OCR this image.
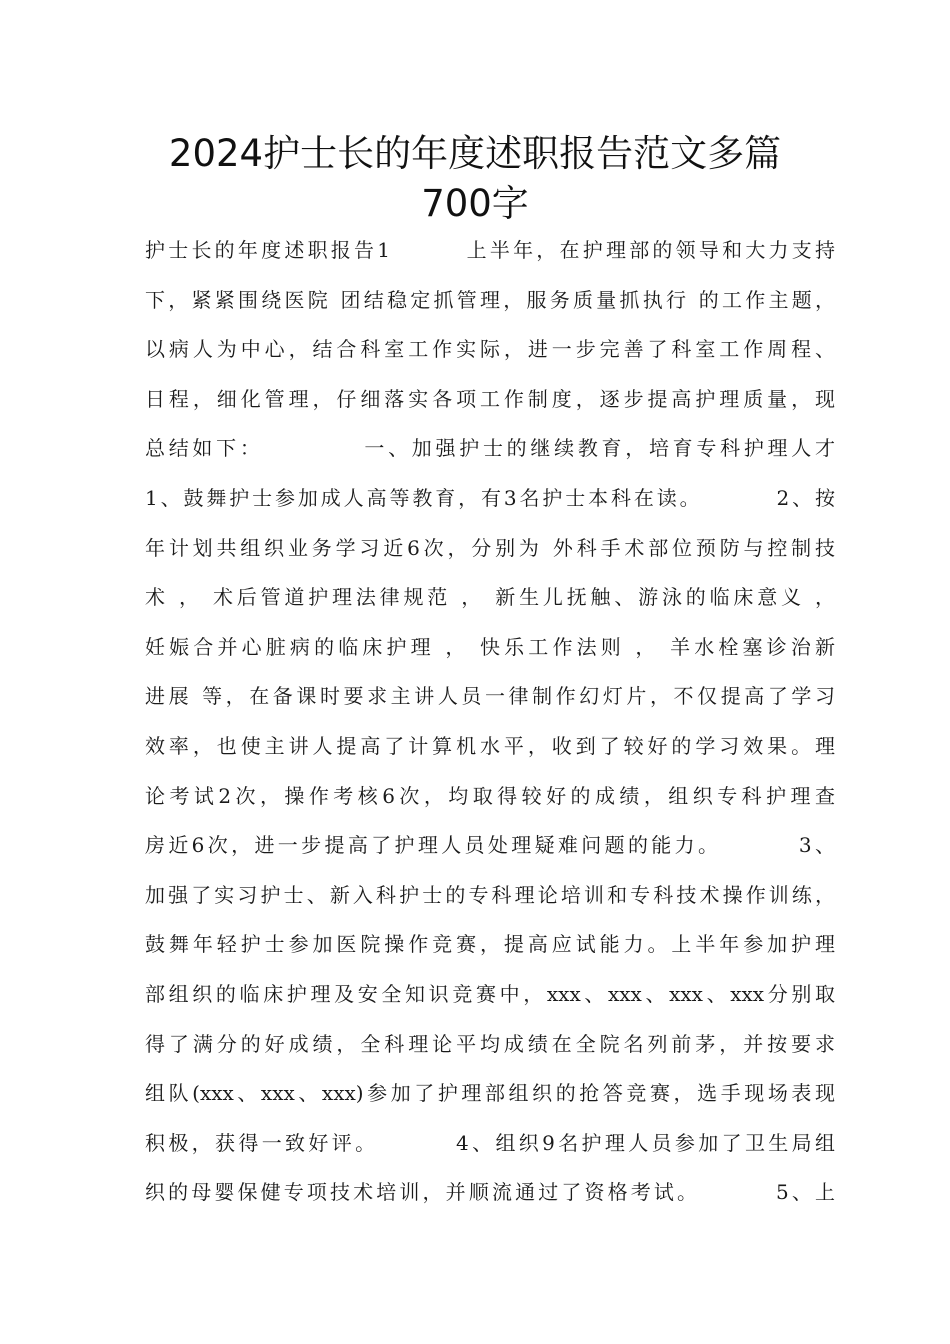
2024护士长的年度述职报告范文多篇
700字
护士长的年度述职报告1        上半年，在护理部的领导和大力支持
下，紧紧围绕医院 团结稳定抓管理，服务质量抓执行 的工作主题，
以病人为中心，结合科室工作实际，进一步完善了科室工作周程、
日程，细化管理，仔细落实各项工作制度，逐步提高护理质量，现
总结如下：          一、加强护士的继续教育，培育专科护理人才
1、鼓舞护士参加成人高等教育，有3名护士本科在读。        2、按
年计划共组织业务学习近6次，分别为 外科手术部位预防与控制技
术 ， 术后管道护理法律规范 ， 新生儿抚触、游泳的临床意义 ，
妊娠合并心脏病的临床护理 ， 快乐工作法则 ， 羊水栓塞诊治新
进展 等，在备课时要求主讲人员一律制作幻灯片，不仅提高了学习
效率，也使主讲人提高了计算机水平，收到了较好的学习效果。理
论考试2次，操作考核6次，均取得较好的成绩，组织专科护理查
房近6次，进一步提高了护理人员处理疑难问题的能力。        3、
加强了实习护士、新入科护士的专科理论培训和专科技术操作训练，
鼓舞年轻护士参加医院操作竞赛，提高应试能力。上半年参加护理
部组织的临床护理及安全知识竞赛中，xxx、xxx、xxx、xxx分别取
得了满分的好成绩，全科理论平均成绩在全院名列前茅，并按要求
组队(xxx、xxx、xxx)参加了护理部组织的抢答竞赛，选手现场表现
积极，获得一致好评。        4、组织9名护理人员参加了卫生局组
织的母婴保健专项技术培训，并顺流通过了资格考试。        5、上
